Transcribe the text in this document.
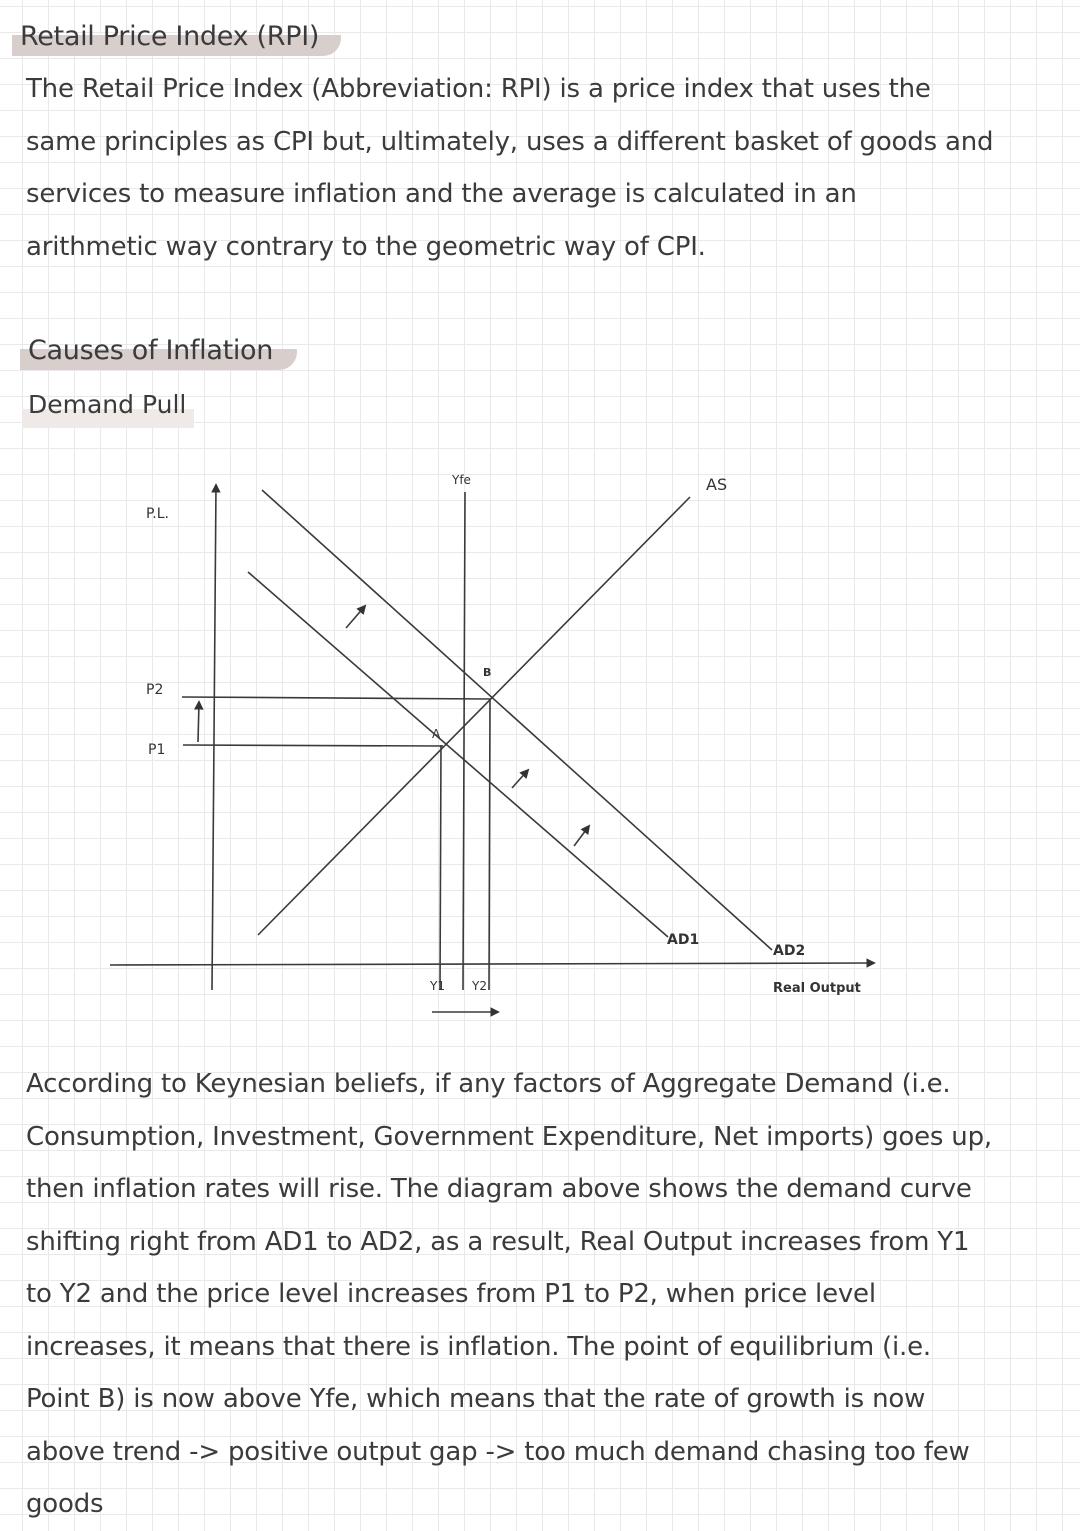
Retail Price Index (RPI)

The Retail Price Index (Abbreviation: RPI) is a price index that uses the same principles as CPI but, ultimately, uses a different basket of goods and services to measure inflation and the average is calculated in an arithmetic way contrary to the geometric way of CPI.

Causes of Inflation
Demand Pull
P.L.
P2
P1
Yfe	AS
B
A
AD1
AD2
Y1 Y2	Real Output

According to Keynesian beliefs, if any factors of Aggregate Demand (i.e. Consumption, Investment, Government Expenditure, Net imports) goes up, then inflation rates will rise. The diagram above shows the demand curve shifting right from AD1 to AD2, as a result, Real Output increases from Y1 to Y2 and the price level increases from P1 to P2, when price level increases, it means that there is inflation. The point of equilibrium (i.e. Point B) is now above Yfe, which means that the rate of growth is now above trend -> positive output gap -> too much demand chasing too few goods
